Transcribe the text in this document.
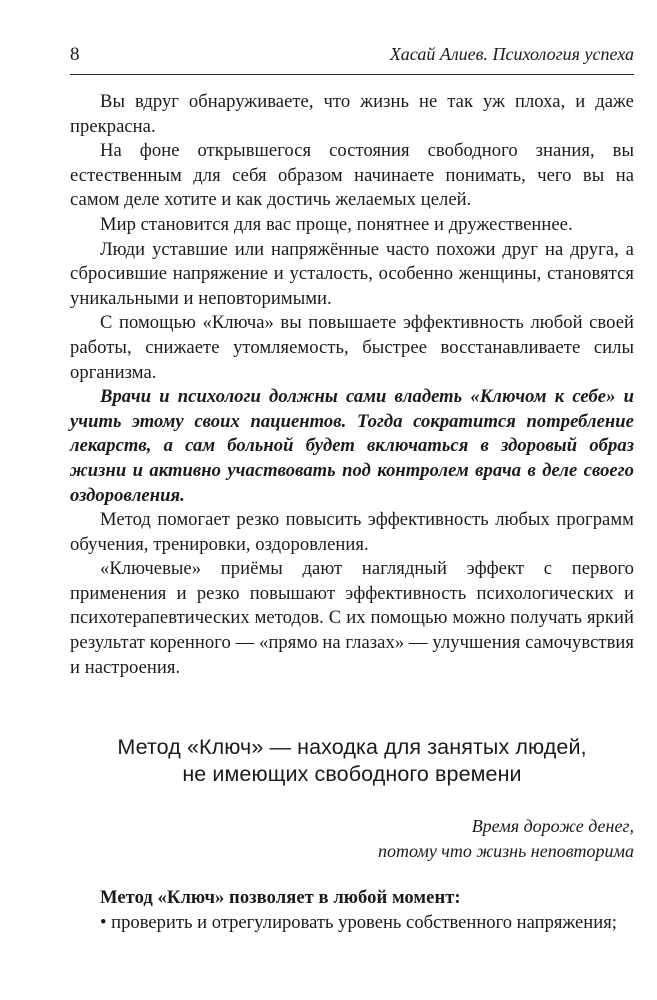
8	Хасай Алиев. Психология успеха

Вы вдруг обнаруживаете, что жизнь не так уж плоха, и даже прекрасна.

На фоне открывшегося состояния свободного знания, вы естественным для себя образом начинаете понимать, чего вы на самом деле хотите и как достичь желаемых целей.

Мир становится для вас проще, понятнее и дружественнее.

Люди уставшие или напряжённые часто похожи друг на друга, а сбросившие напряжение и усталость, особенно женщины, становятся уникальными и неповторимыми.

С помощью «Ключа» вы повышаете эффективность любой своей работы, снижаете утомляемость, быстрее восстанавливаете силы организма.

Врачи и психологи должны сами владеть «Ключом к себе» и учить этому своих пациентов. Тогда сократится потребление лекарств, а сам больной будет включаться в здоровый образ жизни и активно участвовать под контролем врача в деле своего оздоровления.

Метод помогает резко повысить эффективность любых программ обучения, тренировки, оздоровления.

«Ключевые» приёмы дают наглядный эффект с первого применения и резко повышают эффективность психологических и психотерапевтических методов. С их помощью можно получать яркий результат коренного — «прямо на глазах» — улучшения самочувствия и настроения.

Метод «Ключ» — находка для занятых людей,
не имеющих свободного времени
Время дороже денег,
потому что жизнь неповторима

Метод «Ключ» позволяет в любой момент:

• проверить и отрегулировать уровень собственного напряжения;
